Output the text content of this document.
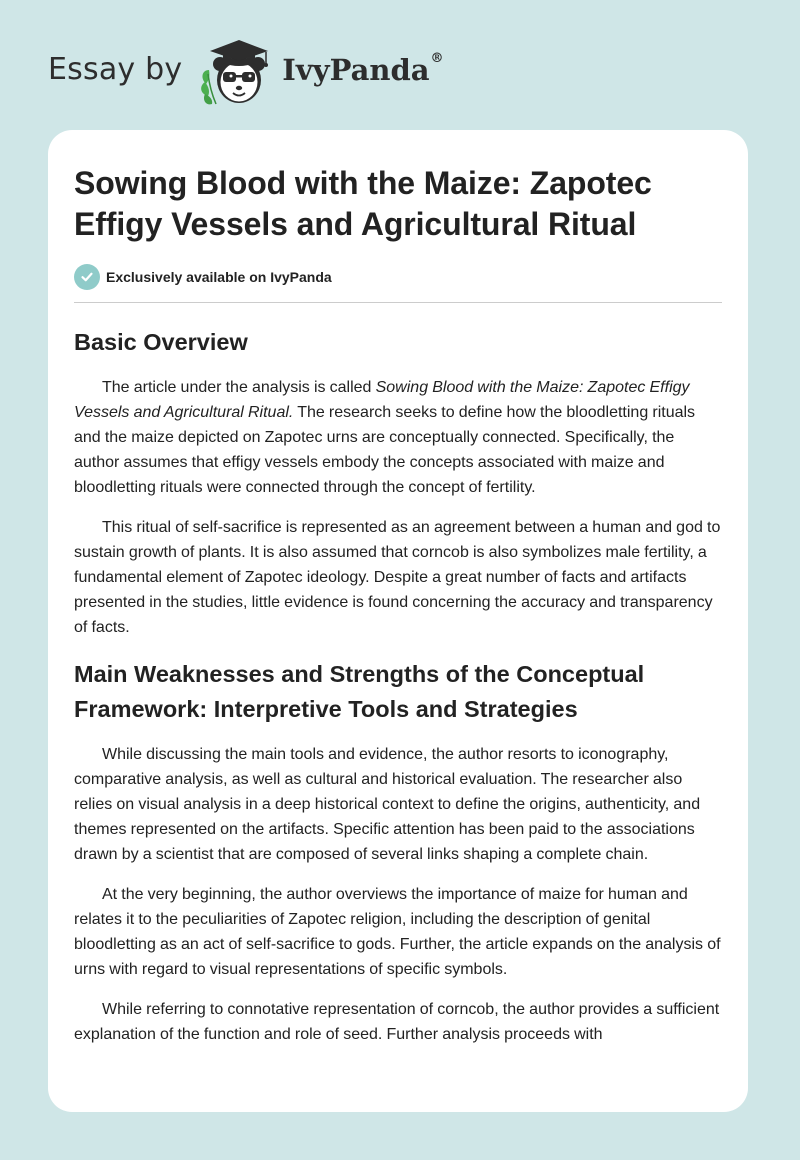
Essay by	IvyPanda®
Sowing Blood with the Maize: Zapotec Effigy Vessels and Agricultural Ritual
Exclusively available on IvyPanda
Basic Overview

The article under the analysis is called Sowing Blood with the Maize: Zapotec Effigy Vessels and Agricultural Ritual. The research seeks to define how the bloodletting rituals and the maize depicted on Zapotec urns are conceptually connected. Specifically, the author assumes that effigy vessels embody the concepts associated with maize and bloodletting rituals were connected through the concept of fertility.

This ritual of self-sacrifice is represented as an agreement between a human and god to sustain growth of plants. It is also assumed that corncob is also symbolizes male fertility, a fundamental element of Zapotec ideology. Despite a great number of facts and artifacts presented in the studies, little evidence is found concerning the accuracy and transparency of facts.

Main Weaknesses and Strengths of the Conceptual Framework: Interpretive Tools and Strategies

While discussing the main tools and evidence, the author resorts to iconography, comparative analysis, as well as cultural and historical evaluation. The researcher also relies on visual analysis in a deep historical context to define the origins, authenticity, and themes represented on the artifacts. Specific attention has been paid to the associations drawn by a scientist that are composed of several links shaping a complete chain.

At the very beginning, the author overviews the importance of maize for human and relates it to the peculiarities of Zapotec religion, including the description of genital bloodletting as an act of self-sacrifice to gods. Further, the article expands on the analysis of urns with regard to visual representations of specific symbols.

While referring to connotative representation of corncob, the author provides a sufficient explanation of the function and role of seed. Further analysis proceeds with
